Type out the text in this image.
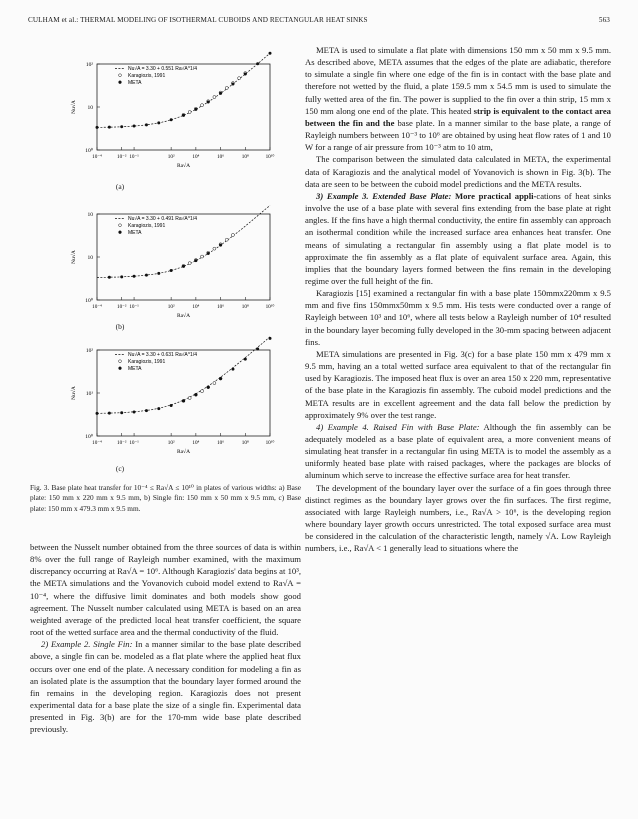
CULHAM et al.: THERMAL MODELING OF ISOTHERMAL CUBOIDS AND RECTANGULAR HEAT SINKS	563
10⁻⁴	10⁻² 10⁻¹	10²	10⁴	10⁶	10⁸	10¹⁰
10²
10
10⁰
Nu√A
Ra√A
Nu√A = 3.30 + 0.551 Ra√A^1/4
Karagiozis, 1991
META
(a)
10⁻⁴	10⁻² 10⁻¹	10²	10⁴	10⁶	10⁸	10¹⁰
10
10
10⁰
Nu√A
Ra√A
Nu√A = 3.30 + 0.491 Ra√A^1/4
Karagiozis, 1991
META
(b)
10⁻⁴	10⁻² 10⁻¹	10²	10⁴	10⁶	10⁸	10¹⁰
10²
10¹
10⁰
Nu√A
Ra√A
Nu√A = 3.30 + 0.631 Ra√A^1/4
Karagiozis, 1991
META
(c)
Fig. 3. Base plate heat transfer for 10⁻⁴ ≤ Ra√A ≤ 10¹⁰ in plates of various widths: a) Base plate: 150 mm x 220 mm x 9.5 mm, b) Single fin: 150 mm x 50 mm x 9.5 mm, c) Base plate: 150 mm x 479.3 mm x 9.5 mm.

between the Nusselt number obtained from the three sources of data is within 8% over the full range of Rayleigh number examined, with the maximum discrepancy occurring at Ra√A = 10⁶. Although Karagiozis' data begins at 10³, the META simulations and the Yovanovich cuboid model extend to Ra√A = 10⁻⁴, where the diffusive limit dominates and both models show good agreement. The Nusselt number calculated using META is based on an area weighted average of the predicted local heat transfer coefficient, the square root of the wetted surface area and the thermal conductivity of the fluid.

2) Example 2. Single Fin: In a manner similar to the base plate described above, a single fin can be. modeled as a flat plate where the applied heat flux occurs over one end of the plate. A necessary condition for modeling a fin as an isolated plate is the assumption that the boundary layer formed around the fin remains in the developing region. Karagiozis does not present experimental data for a base plate the size of a single fin. Experimental data presented in Fig. 3(b) are for the 170-mm wide base plate described previously.

META is used to simulate a flat plate with dimensions 150 mm x 50 mm x 9.5 mm. As described above, META assumes that the edges of the plate are adiabatic, therefore to simulate a single fin where one edge of the fin is in contact with the base plate and therefore not wetted by the fluid, a plate 159.5 mm x 54.5 mm is used to simulate the fully wetted area of the fin. The power is supplied to the fin over a thin strip, 15 mm x 150 mm along one end of the plate. This heated strip is equivalent to the contact area between the fin and the base plate. In a manner similar to the base plate, a range of Rayleigh numbers between 10⁻³ to 10⁶ are obtained by using heat flow rates of 1 and 10 W for a range of air pressure from 10⁻³ atm to 10 atm,

The comparison between the simulated data calculated in META, the experimental data of Karagiozis and the analytical model of Yovanovich is shown in Fig. 3(b). The data are seen to be between the cuboid model predictions and the META results.

3) Example 3. Extended Base Plate: More practical appli-cations of heat sinks involve the use of a base plate with several fins extending from the base plate at right angles. If the fins have a high thermal conductivity, the entire fin assembly can approach an isothermal condition while the increased surface area enhances heat transfer. One means of simulating a rectangular fin assembly using a flat plate model is to approximate the fin assembly as a flat plate of equivalent surface area. Again, this implies that the boundary layers formed between the fins remain in the developing regime over the full height of the fin.

Karagiozis [15] examined a rectangular fin with a base plate 150mmx220mm x 9.5 mm and five fins 150mmx50mm x 9.5 mm. His tests were conducted over a range of Rayleigh between 10³ and 10⁶, where all tests below a Rayleigh number of 10⁴ resulted in the boundary layer becoming fully developed in the 30-mm spacing between adjacent fins.

META simulations are presented in Fig. 3(c) for a base plate 150 mm x 479 mm x 9.5 mm, having an a total wetted surface area equivalent to that of the rectangular fin used by Karagiozis. The imposed heat flux is over an area 150 x 220 mm, representative of the base plate in the Karagiozis fin assembly. The cuboid model predictions and the META results are in excellent agreement and the data fall below the prediction by approximately 9% over the test range.

4) Example 4. Raised Fin with Base Plate: Although the fin assembly can be adequately modeled as a base plate of equivalent area, a more convenient means of simulating heat transfer in a rectangular fin using META is to model the assembly as a uniformly heated base plate with raised packages, where the packages are blocks of aluminum which serve to increase the effective surface area for heat transfer.

The development of the boundary layer over the surface of a fin goes through three distinct regimes as the boundary layer grows over the fin surfaces. The first regime, associated with large Rayleigh numbers, i.e., Ra√A > 10⁶, is the developing region where boundary layer growth occurs unrestricted. The total exposed surface area must be considered in the calculation of the characteristic length, namely √A. Low Rayleigh numbers, i.e., Ra√A < 1 generally lead to situations where the
